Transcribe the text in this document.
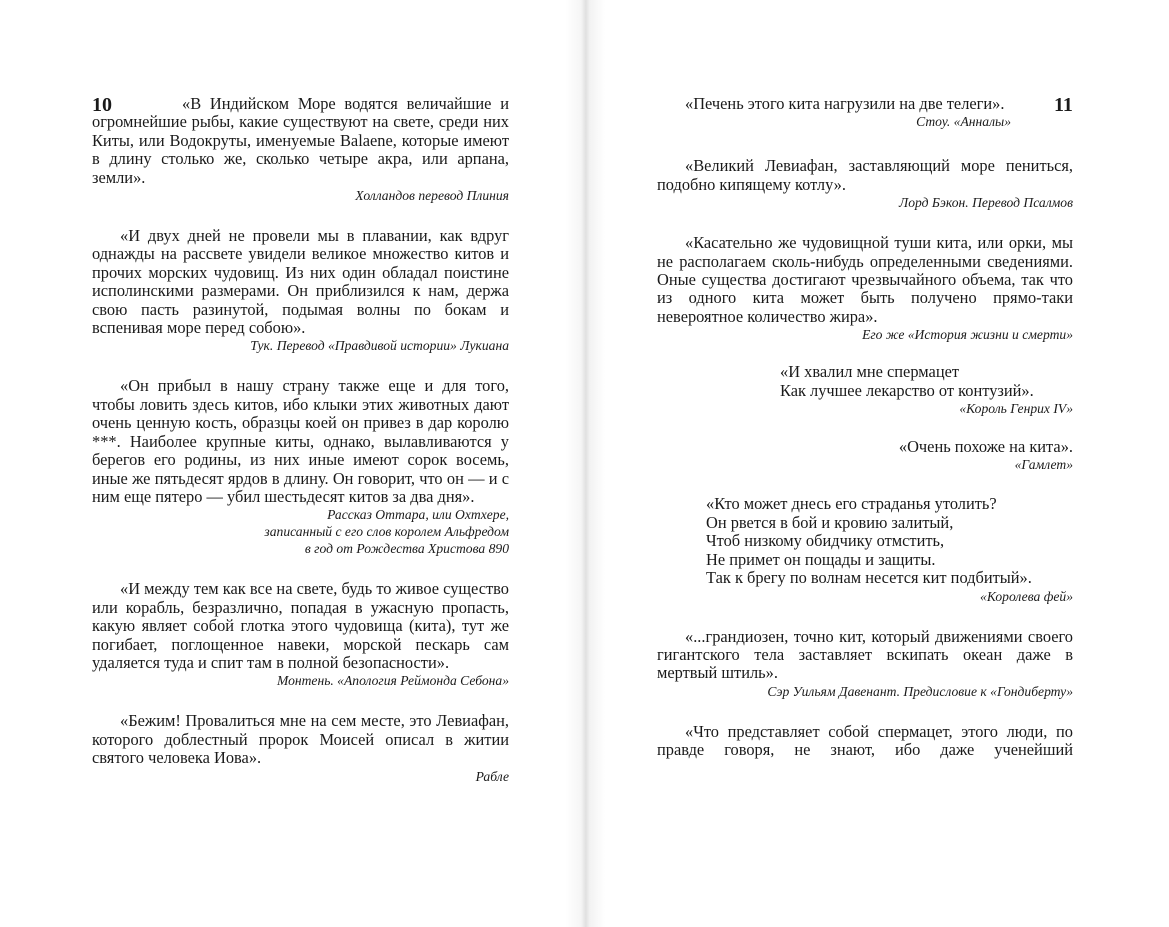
10	«В Индийском Море водятся величайшие и огромнейшие рыбы, какие существуют на свете, среди них Киты, или Водокруты, именуемые Balaene, которые имеют в длину столько же, сколько четыре акра, или арпана, земли».

Холландов перевод Плиния

«И двух дней не провели мы в плавании, как вдруг однажды на рассвете увидели великое множество китов и прочих морских чудовищ. Из них один обладал поистине исполинскими размерами. Он приблизился к нам, держа свою пасть разинутой, подымая волны по бокам и вспенивая море перед собою».

Тук. Перевод «Правдивой истории» Лукиана

«Он прибыл в нашу страну также еще и для того, чтобы ловить здесь китов, ибо клыки этих животных дают очень ценную кость, образцы коей он привез в дар королю ***. Наиболее крупные киты, однако, вылавливаются у берегов его родины, из них иные имеют сорок восемь, иные же пятьдесят ярдов в длину. Он говорит, что он — и с ним еще пятеро — убил шестьдесят китов за два дня».

Рассказ Оттара, или Охтхере,
записанный с его слов королем Альфредом
в год от Рождества Христова 890

«И между тем как все на свете, будь то живое существо или корабль, безразлично, попадая в ужасную пропасть, какую являет собой глотка этого чудовища (кита), тут же погибает, поглощенное навеки, морской пескарь сам удаляется туда и спит там в полной безопасности».

Монтень. «Апология Реймонда Себона»

«Бежим! Провалиться мне на сем месте, это Левиафан, которого доблестный пророк Моисей описал в житии святого человека Иова».

Рабле
11

«Печень этого кита нагрузили на две телеги».

Стоу. «Анналы»

«Великий Левиафан, заставляющий море пениться, подобно кипящему котлу».

Лорд Бэкон. Перевод Псалмов

«Касательно же чудовищной туши кита, или орки, мы не располагаем сколь-нибудь определенными сведениями. Оные существа достигают чрезвычайного объема, так что из одного кита может быть получено прямо-таки невероятное количество жира».

Его же «История жизни и смерти»
«И хвалил мне спермацет
Как лучшее лекарство от контузий».
«Король Генрих IV»
«Очень похоже на кита».
«Гамлет»
«Кто может днесь его страданья утолить?
Он рвется в бой и кровию залитый,
Чтоб низкому обидчику отмстить,
Не примет он пощады и защиты.
Так к брегу по волнам несется кит подбитый».
«Королева фей»

«...грандиозен, точно кит, который движениями своего гигантского тела заставляет вскипать океан даже в мертвый штиль».

Сэр Уильям Давенант. Предисловие к «Гондиберту»

«Что представляет собой спермацет, этого люди, по правде говоря, не знают, ибо даже ученейший
